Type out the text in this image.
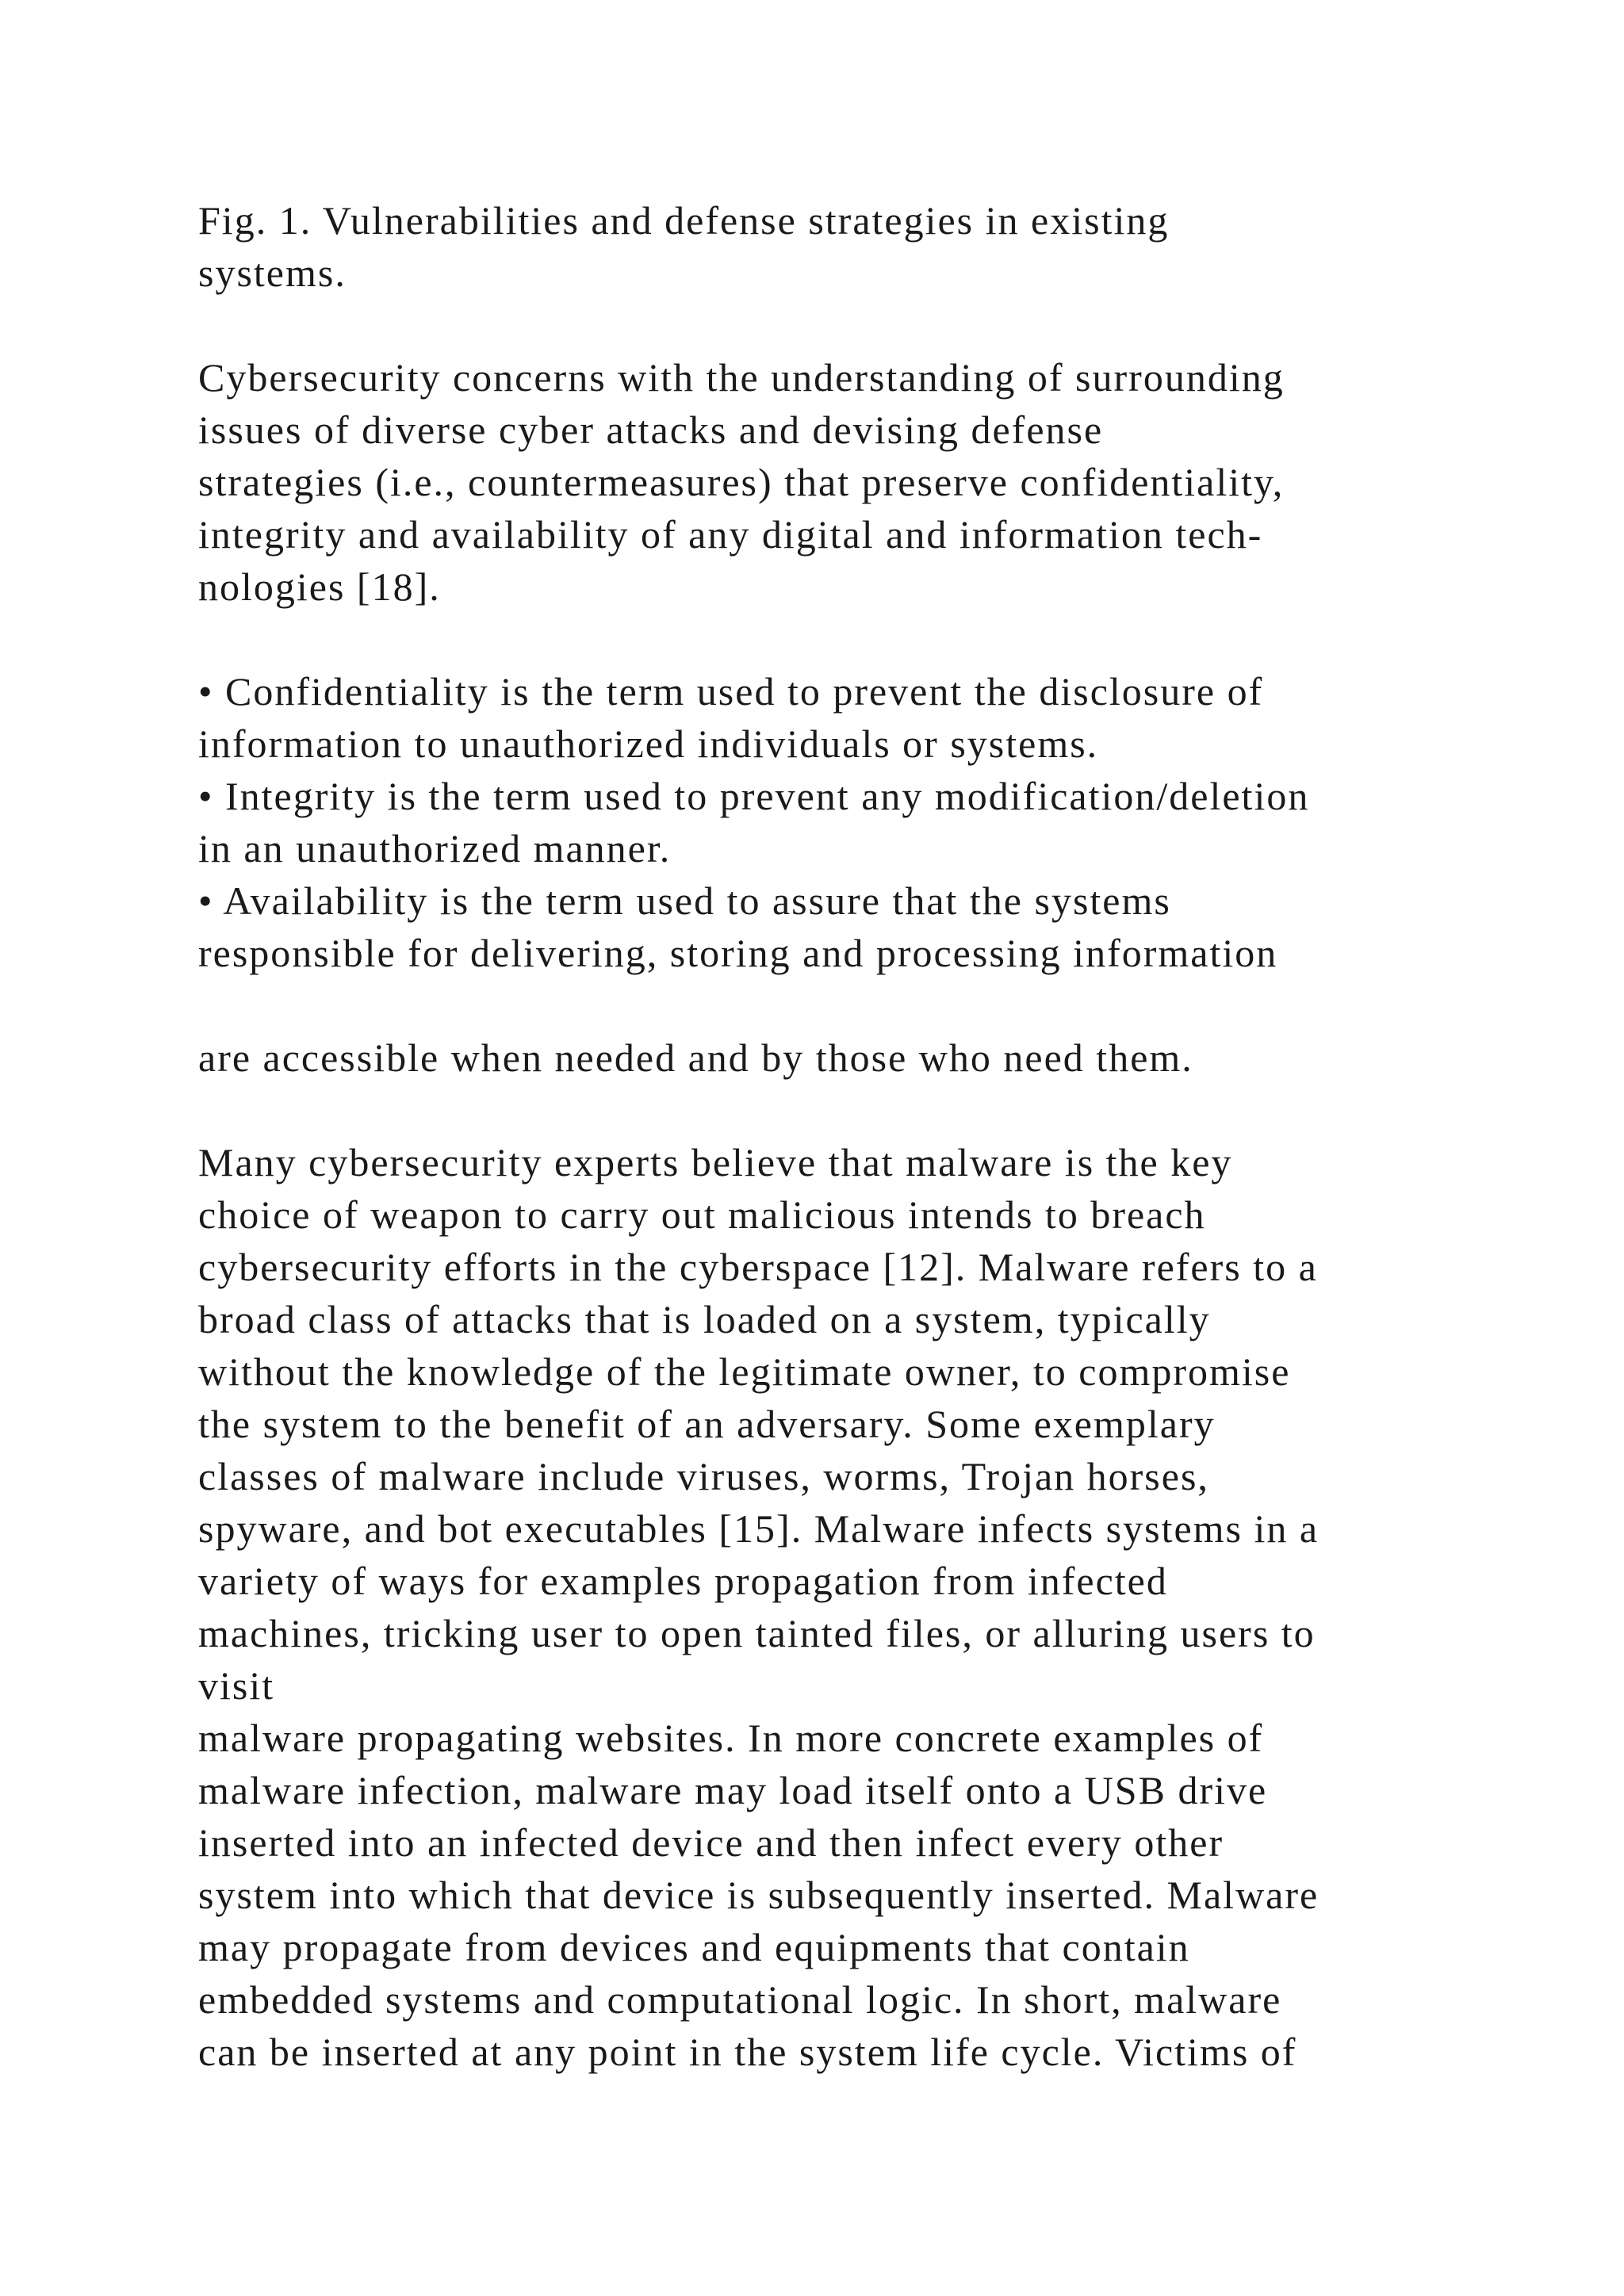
Fig. 1. Vulnerabilities and defense strategies in existing
systems.
Cybersecurity concerns with the understanding of surrounding
issues of diverse cyber attacks and devising defense
strategies (i.e., countermeasures) that preserve confidentiality,
integrity and availability of any digital and information tech-
nologies [18].
• Confidentiality is the term used to prevent the disclosure of
information to unauthorized individuals or systems.
• Integrity is the term used to prevent any modification/deletion
in an unauthorized manner.
• Availability is the term used to assure that the systems
responsible for delivering, storing and processing information
are accessible when needed and by those who need them.
Many cybersecurity experts believe that malware is the key
choice of weapon to carry out malicious intends to breach
cybersecurity efforts in the cyberspace [12]. Malware refers to a
broad class of attacks that is loaded on a system, typically
without the knowledge of the legitimate owner, to compromise
the system to the benefit of an adversary. Some exemplary
classes of malware include viruses, worms, Trojan horses,
spyware, and bot executables [15]. Malware infects systems in a
variety of ways for examples propagation from infected
machines, tricking user to open tainted files, or alluring users to
visit
malware propagating websites. In more concrete examples of
malware infection, malware may load itself onto a USB drive
inserted into an infected device and then infect every other
system into which that device is subsequently inserted. Malware
may propagate from devices and equipments that contain
embedded systems and computational logic. In short, malware
can be inserted at any point in the system life cycle. Victims of
